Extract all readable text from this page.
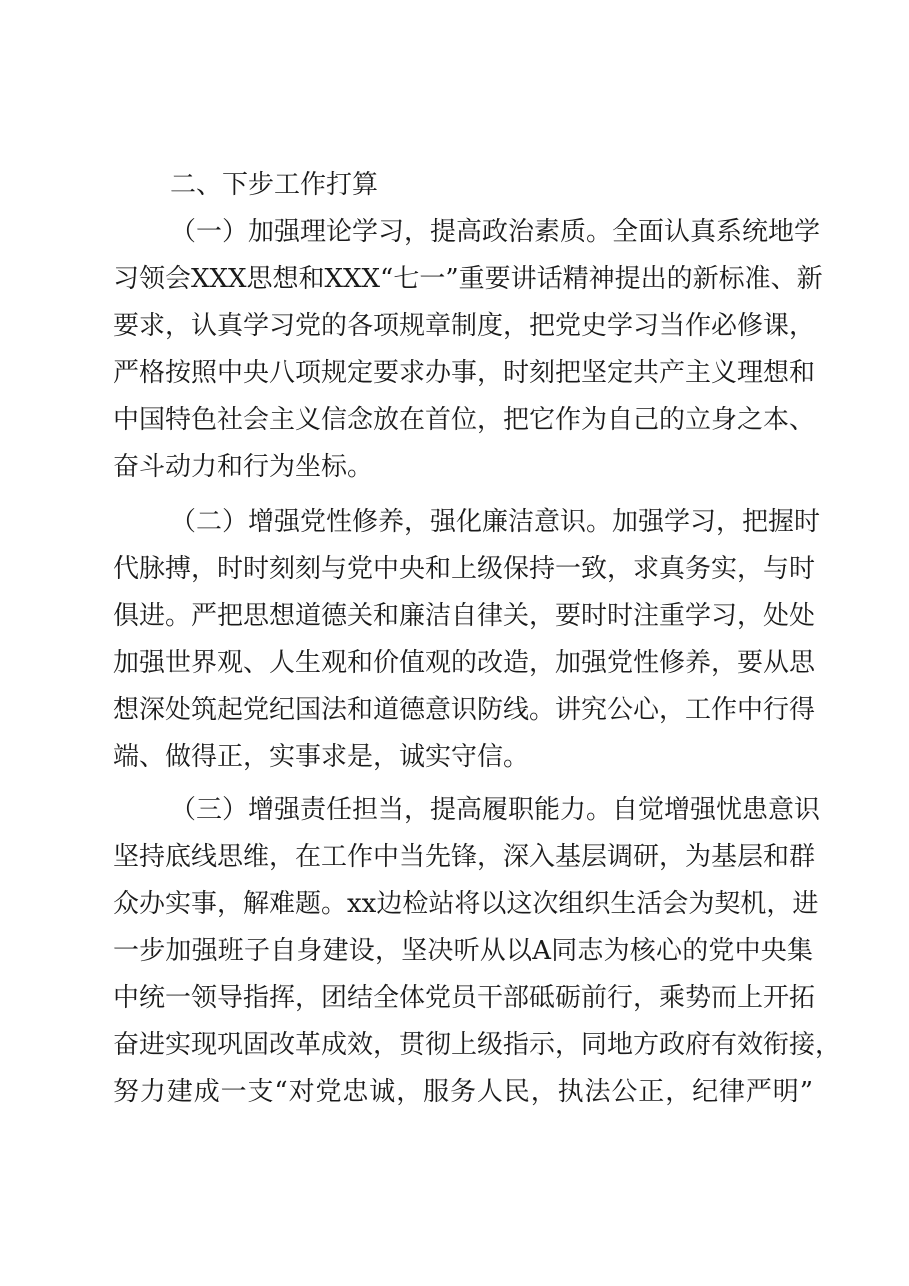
二、下步工作打算
（一）加强理论学习，提高政治素质。全面认真系统地学
习领会XXX思想和XXX“七一”重要讲话精神提出的新标准、新
要求，认真学习党的各项规章制度，把党史学习当作必修课，
严格按照中央八项规定要求办事，时刻把坚定共产主义理想和
中国特色社会主义信念放在首位，把它作为自己的立身之本、
奋斗动力和行为坐标。
（二）增强党性修养，强化廉洁意识。加强学习，把握时
代脉搏，时时刻刻与党中央和上级保持一致，求真务实，与时
俱进。严把思想道德关和廉洁自律关，要时时注重学习，处处
加强世界观、人生观和价值观的改造，加强党性修养，要从思
想深处筑起党纪国法和道德意识防线。讲究公心，工作中行得
端、做得正，实事求是，诚实守信。
（三）增强责任担当，提高履职能力。自觉增强忧患意识
坚持底线思维，在工作中当先锋，深入基层调研，为基层和群
众办实事，解难题。xx边检站将以这次组织生活会为契机，进
一步加强班子自身建设，坚决听从以A同志为核心的党中央集
中统一领导指挥，团结全体党员干部砥砺前行，乘势而上开拓
奋进实现巩固改革成效，贯彻上级指示，同地方政府有效衔接，
努力建成一支“对党忠诚，服务人民，执法公正，纪律严明”
